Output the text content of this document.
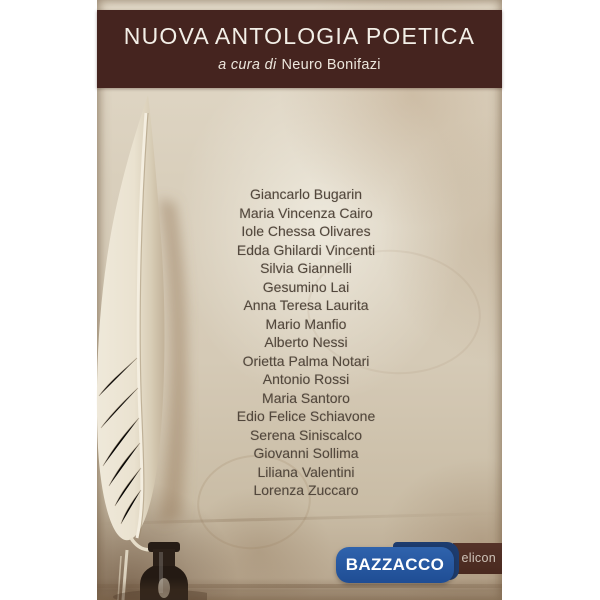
NUOVA ANTOLOGIA POETICA
a cura di Neuro Bonifazi
Giancarlo Bugarin
Maria Vincenza Cairo
Iole Chessa Olivares
Edda Ghilardi Vincenti
Silvia Giannelli
Gesumino Lai
Anna Teresa Laurita
Mario Manfio
Alberto Nessi
Orietta Palma Notari
Antonio Rossi
Maria Santoro
Edio Felice Schiavone
Serena Siniscalco
Giovanni Sollima
Liliana Valentini
Lorenza Zuccaro
elicon
BAZZACCO
